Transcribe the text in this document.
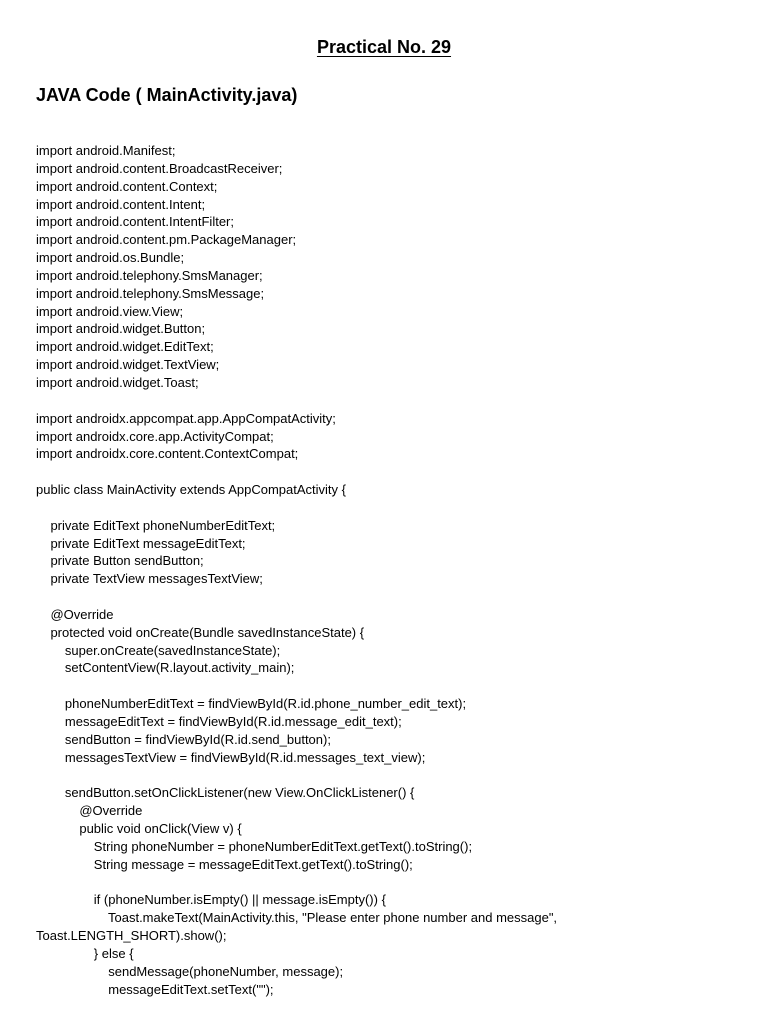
Practical No. 29
JAVA Code ( MainActivity.java)
import android.Manifest;
import android.content.BroadcastReceiver;
import android.content.Context;
import android.content.Intent;
import android.content.IntentFilter;
import android.content.pm.PackageManager;
import android.os.Bundle;
import android.telephony.SmsManager;
import android.telephony.SmsMessage;
import android.view.View;
import android.widget.Button;
import android.widget.EditText;
import android.widget.TextView;
import android.widget.Toast;
import androidx.appcompat.app.AppCompatActivity;
import androidx.core.app.ActivityCompat;
import androidx.core.content.ContextCompat;
public class MainActivity extends AppCompatActivity {
private EditText phoneNumberEditText;
private EditText messageEditText;
private Button sendButton;
private TextView messagesTextView;
@Override
protected void onCreate(Bundle savedInstanceState) {
super.onCreate(savedInstanceState);
setContentView(R.layout.activity_main);
phoneNumberEditText = findViewById(R.id.phone_number_edit_text);
messageEditText = findViewById(R.id.message_edit_text);
sendButton = findViewById(R.id.send_button);
messagesTextView = findViewById(R.id.messages_text_view);
sendButton.setOnClickListener(new View.OnClickListener() {
@Override
public void onClick(View v) {
String phoneNumber = phoneNumberEditText.getText().toString();
String message = messageEditText.getText().toString();
if (phoneNumber.isEmpty() || message.isEmpty()) {
Toast.makeText(MainActivity.this, "Please enter phone number and message",
Toast.LENGTH_SHORT).show();
} else {
sendMessage(phoneNumber, message);
messageEditText.setText("");
